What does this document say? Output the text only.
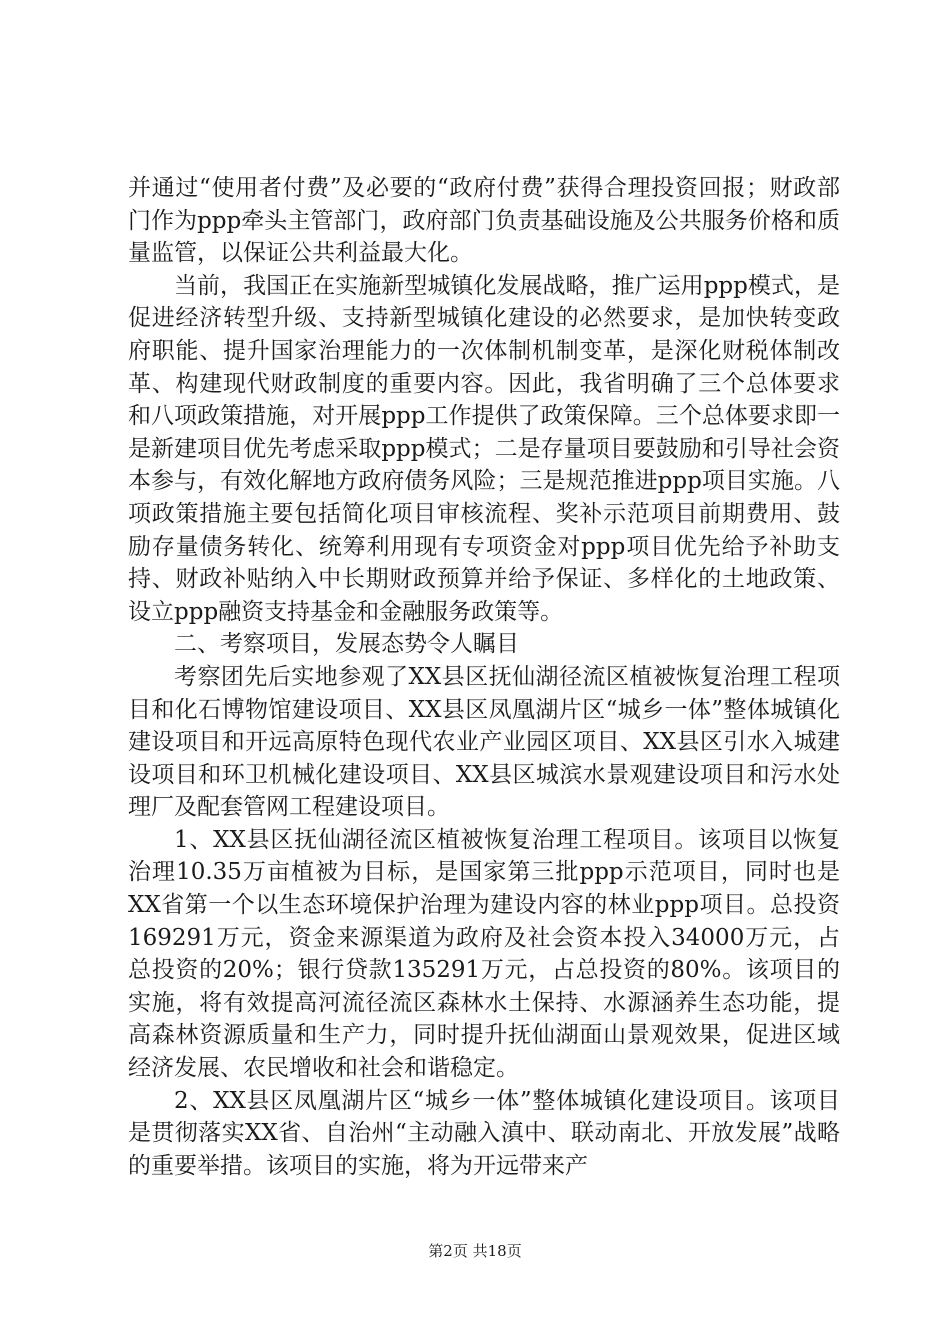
并通过“使用者付费”及必要的“政府付费”获得合理投资回报；财政部门作为ppp牵头主管部门，政府部门负责基础设施及公共服务价格和质量监管，以保证公共利益最大化。

当前，我国正在实施新型城镇化发展战略，推广运用ppp模式，是促进经济转型升级、支持新型城镇化建设的必然要求，是加快转变政府职能、提升国家治理能力的一次体制机制变革，是深化财税体制改革、构建现代财政制度的重要内容。因此，我省明确了三个总体要求和八项政策措施，对开展ppp工作提供了政策保障。三个总体要求即一是新建项目优先考虑采取ppp模式；二是存量项目要鼓励和引导社会资本参与，有效化解地方政府债务风险；三是规范推进ppp项目实施。八项政策措施主要包括简化项目审核流程、奖补示范项目前期费用、鼓励存量债务转化、统筹利用现有专项资金对ppp项目优先给予补助支持、财政补贴纳入中长期财政预算并给予保证、多样化的土地政策、设立ppp融资支持基金和金融服务政策等。

二、考察项目，发展态势令人瞩目

考察团先后实地参观了XX县区抚仙湖径流区植被恢复治理工程项目和化石博物馆建设项目、XX县区凤凰湖片区“城乡一体”整体城镇化建设项目和开远高原特色现代农业产业园区项目、XX县区引水入城建设项目和环卫机械化建设项目、XX县区城滨水景观建设项目和污水处理厂及配套管网工程建设项目。

1、XX县区抚仙湖径流区植被恢复治理工程项目。该项目以恢复治理10.35万亩植被为目标，是国家第三批ppp示范项目，同时也是XX省第一个以生态环境保护治理为建设内容的林业ppp项目。总投资169291万元，资金来源渠道为政府及社会资本投入34000万元，占总投资的20%；银行贷款135291万元，占总投资的80%。该项目的实施，将有效提高河流径流区森林水土保持、水源涵养生态功能，提高森林资源质量和生产力，同时提升抚仙湖面山景观效果，促进区域经济发展、农民增收和社会和谐稳定。

2、XX县区凤凰湖片区“城乡一体”整体城镇化建设项目。该项目是贯彻落实XX省、自治州“主动融入滇中、联动南北、开放发展”战略的重要举措。该项目的实施，将为开远带来产

第2页 共18页
